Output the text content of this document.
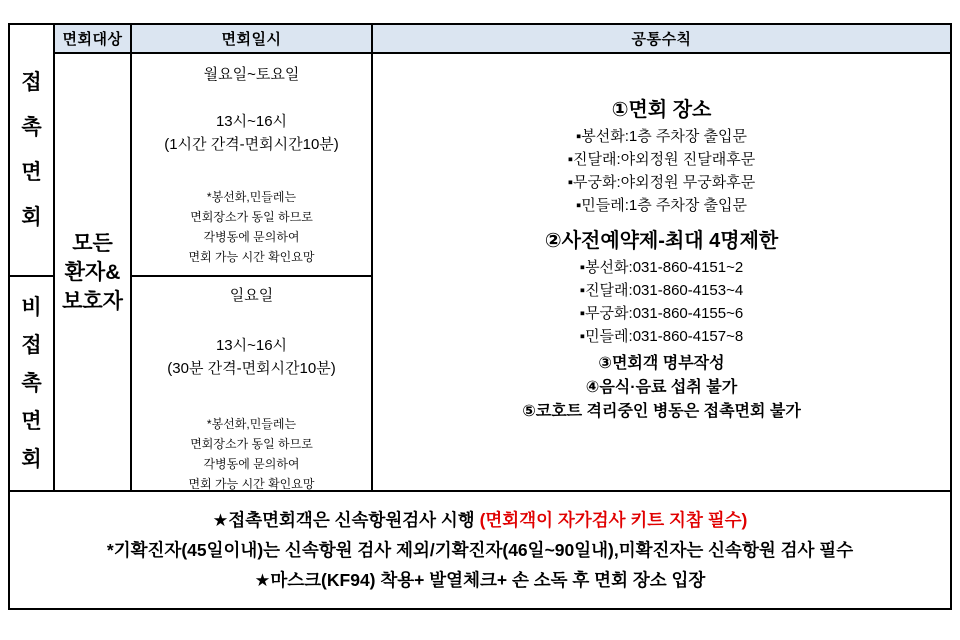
접
촉
면
회
비
접
촉
면
회
면회대상
모든
환자&
보호자
면회일시
월요일~토요일
13시~16시
(1시간 간격-면회시간10분)
*봉선화,민들레는
면회장소가 동일 하므로
각병동에 문의하여
면회 가능 시간 확인요망
일요일
13시~16시
(30분 간격-면회시간10분)
*봉선화,민들레는
면회장소가 동일 하므로
각병동에 문의하여
면회 가능 시간 확인요망
공통수칙
①면회 장소
▪봉선화:1층 주차장 출입문
▪진달래:야외정원 진달래후문
▪무궁화:야외정원 무궁화후문
▪민들레:1층 주차장 출입문
②사전예약제-최대 4명제한
▪봉선화:031-860-4151~2
▪진달래:031-860-4153~4
▪무궁화:031-860-4155~6
▪민들레:031-860-4157~8
③면회객 명부작성
④음식·음료 섭취 불가
⑤코호트 격리중인 병동은 접촉면회 불가
★접촉면회객은 신속항원검사 시행 (면회객이 자가검사 키트 지참 필수)
*기확진자(45일이내)는 신속항원 검사 제외/기확진자(46일~90일내),미확진자는 신속항원 검사 필수
★마스크(KF94) 착용+ 발열체크+ 손 소독 후 면회 장소 입장
